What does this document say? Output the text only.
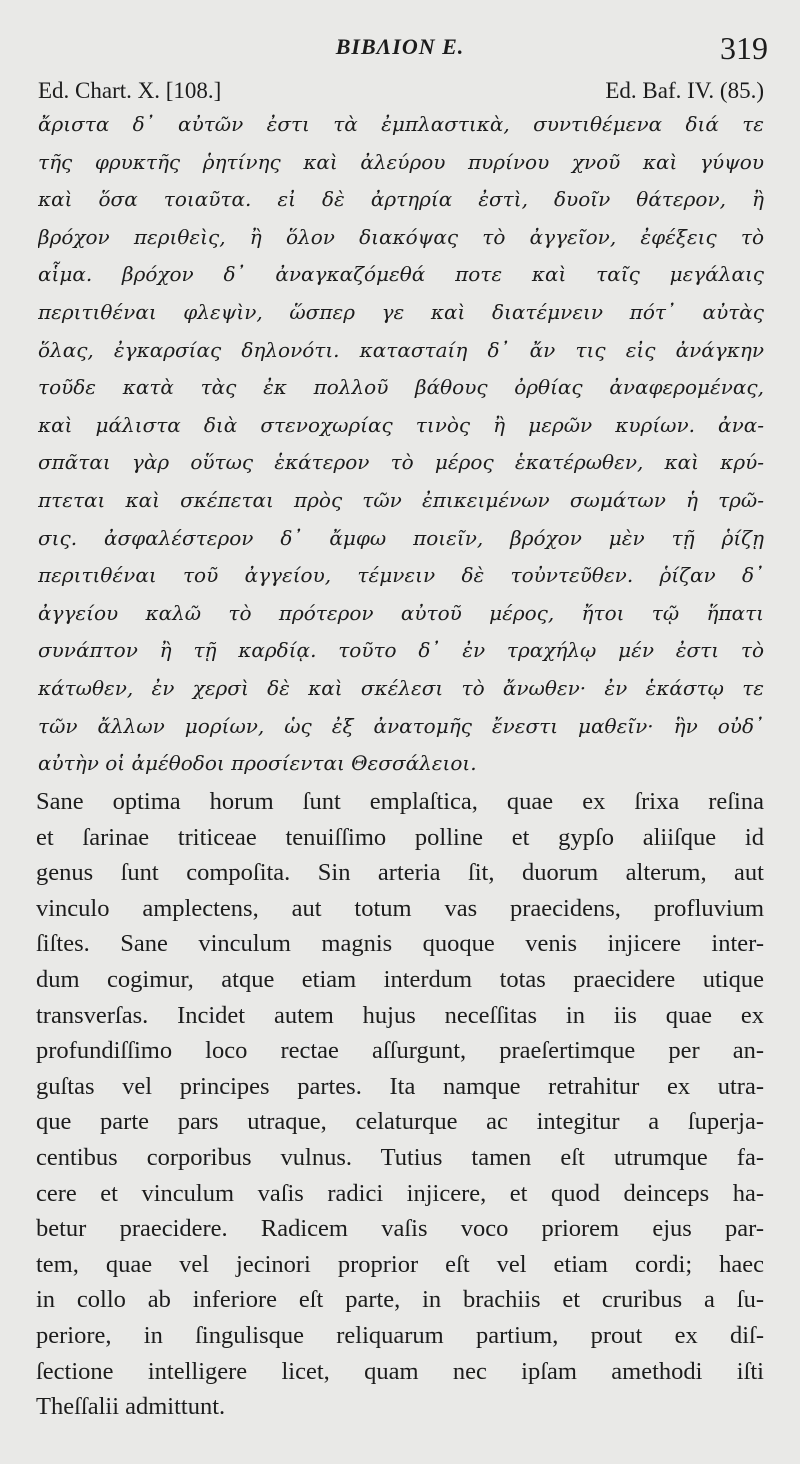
BIBΛΙΟΝ Ε.	319
Ed. Chart. X. [108.]	Ed. Baf. IV. (85.)
ἄριστα δ᾿ αὐτῶν ἐστι τὰ ἐμπλαστικὰ, συντιθέμενα διά τε
τῆς φρυκτῆς ῥητίνης καὶ ἀλεύρου πυρίνου χνοῦ καὶ γύψου
καὶ ὅσα τοιαῦτα. εἰ δὲ ἀρτηρία ἐστὶ, δυοῖν θάτερον, ἢ
βρόχον περιθεὶς, ἢ ὅλον διακόψας τὸ ἀγγεῖον, ἐφέξεις τὸ
αἷμα. βρόχον δ᾿ ἀναγκαζόμεθά ποτε καὶ ταῖς μεγάλαις
περιτιθέναι φλεψὶν, ὥσπερ γε καὶ διατέμνειν πότ᾿ αὐτὰς
ὅλας, ἐγκαρσίας δηλονότι. καταστaίη δ᾿ ἄν τις εἰς ἀνάγκην
τοῦδε κατὰ τὰς ἐκ πολλοῦ βάθους ὀρθίας ἀναφερομένας,
καὶ μάλιστα διὰ στενοχωρίας τινὸς ἢ μερῶν κυρίων. ἀνα-
σπᾶται γὰρ οὕτως ἑκάτερον τὸ μέρος ἑκατέρωθεν, καὶ κρύ-
πτεται καὶ σκέπεται πρὸς τῶν ἐπικειμένων σωμάτων ἡ τρῶ-
σις. ἀσφαλέστερον δ᾿ ἄμφω ποιεῖν, βρόχον μὲν τῇ ῥίζῃ
περιτιθέναι τοῦ ἀγγείου, τέμνειν δὲ τοὐντεῦθεν. ῥίζαν δ᾿
ἀγγείου καλῶ τὸ πρότερον αὐτοῦ μέρος, ἤτοι τῷ ἥπατι
συνάπτον ἢ τῇ καρδίᾳ. τοῦτο δ᾿ ἐν τραχήλῳ μέν ἐστι τὸ
κάτωθεν, ἐν χερσὶ δὲ καὶ σκέλεσι τὸ ἄνωθεν· ἐν ἑκάστῳ τε
τῶν ἄλλων μορίων, ὡς ἐξ ἀνατομῆς ἔνεστι μαθεῖν· ἣν οὐδ᾿
αὐτὴν οἱ ἀμέθοδοι προσίενται Θεσσάλειοι.
Sane optima horum ſunt emplaſtica, quae ex ſrixa reſina
et ſarinae triticeae tenuiſſimo polline et gypſo aliiſque id
genus ſunt compoſita. Sin arteria ſit, duorum alterum, aut
vinculo amplectens, aut totum vas praecidens, profluvium
ſiſtes. Sane vinculum magnis quoque venis injicere inter-
dum cogimur, atque etiam interdum totas praecidere utique
transverſas. Incidet autem hujus neceſſitas in iis quae ex
profundiſſimo loco rectae aſſurgunt, praeſertimque per an-
guſtas vel principes partes. Ita namque retrahitur ex utra-
que parte pars utraque, celaturque ac integitur a ſuperja-
centibus corporibus vulnus. Tutius tamen eſt utrumque fa-
cere et vinculum vaſis radici injicere, et quod deinceps ha-
betur praecidere. Radicem vaſis voco priorem ejus par-
tem, quae vel jecinori proprior eſt vel etiam cordi; haec
in collo ab inferiore eſt parte, in brachiis et cruribus a ſu-
periore, in ſingulisque reliquarum partium, prout ex diſ-
ſectione intelligere licet, quam nec ipſam amethodi iſti
Theſſalii admittunt.
